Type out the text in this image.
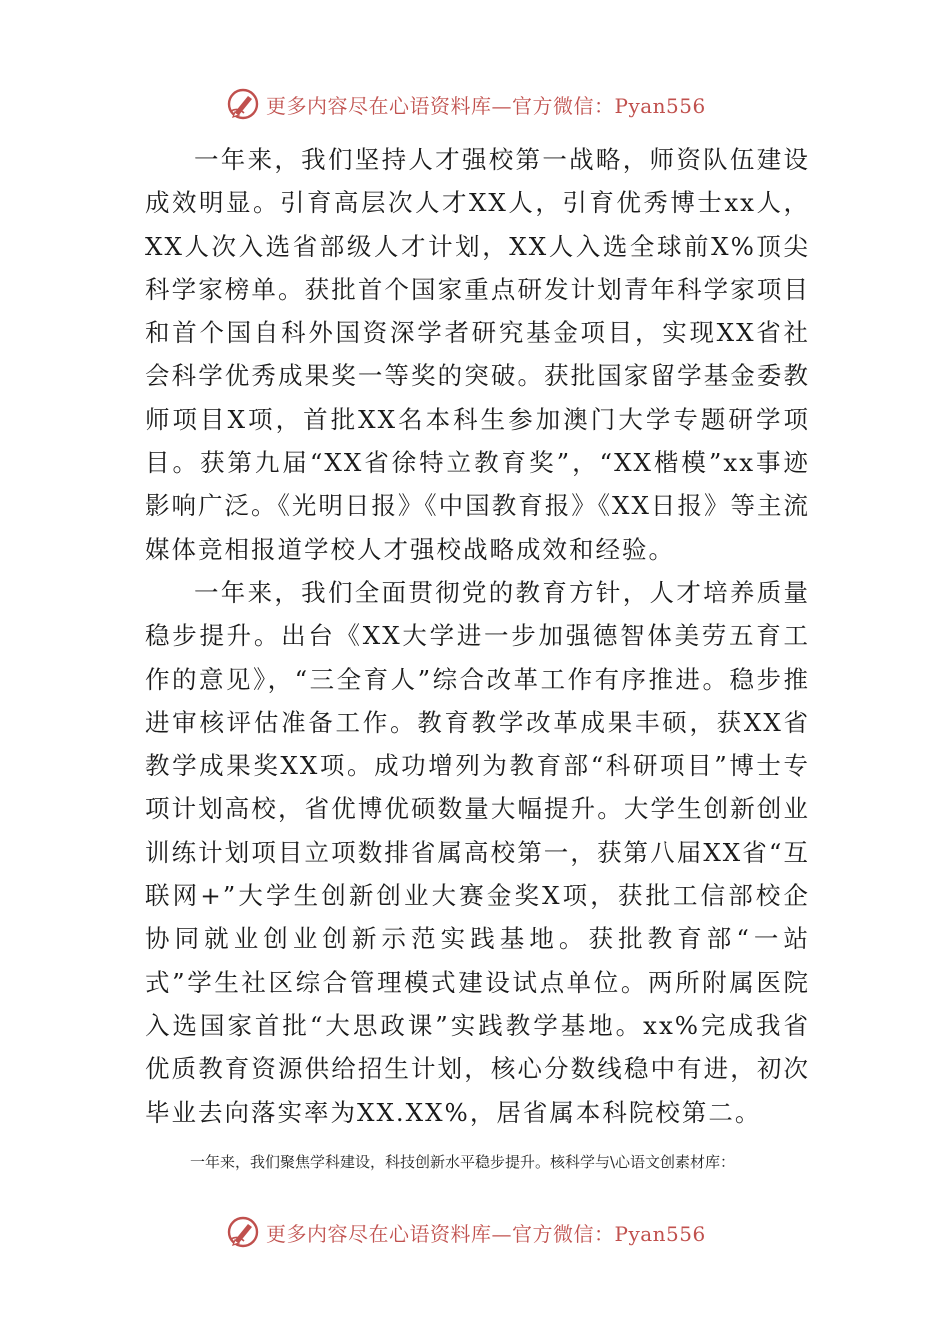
更多内容尽在心语资料库—官方微信：Pyan556

一年来，我们坚持人才强校第一战略，师资队伍建设成效明显。引育高层次人才XX人，引育优秀博士xx人，XX人次入选省部级人才计划，XX人入选全球前X%顶尖科学家榜单。获批首个国家重点研发计划青年科学家项目和首个国自科外国资深学者研究基金项目，实现XX省社会科学优秀成果奖一等奖的突破。获批国家留学基金委教师项目X项，首批XX名本科生参加澳门大学专题研学项目。获第九届“XX省徐特立教育奖”，“XX楷模”xx事迹影响广泛。《光明日报》《中国教育报》《XX日报》等主流媒体竞相报道学校人才强校战略成效和经验。

一年来，我们全面贯彻党的教育方针，人才培养质量稳步提升。出台《XX大学进一步加强德智体美劳五育工作的意见》，“三全育人”综合改革工作有序推进。稳步推进审核评估准备工作。教育教学改革成果丰硕，获XX省教学成果奖XX项。成功增列为教育部“科研项目”博士专项计划高校，省优博优硕数量大幅提升。大学生创新创业训练计划项目立项数排省属高校第一，获第八届XX省“互联网+”大学生创新创业大赛金奖X项，获批工信部校企协同就业创业创新示范实践基地。获批教育部“一站式”学生社区综合管理模式建设试点单位。两所附属医院入选国家首批“大思政课”实践教学基地。xx%完成我省优质教育资源供给招生计划，核心分数线稳中有进，初次毕业去向落实率为XX.XX%，居省属本科院校第二。

一年来，我们聚焦学科建设，科技创新水平稳步提升。核科学与\心语文创素材库：
更多内容尽在心语资料库—官方微信：Pyan556
